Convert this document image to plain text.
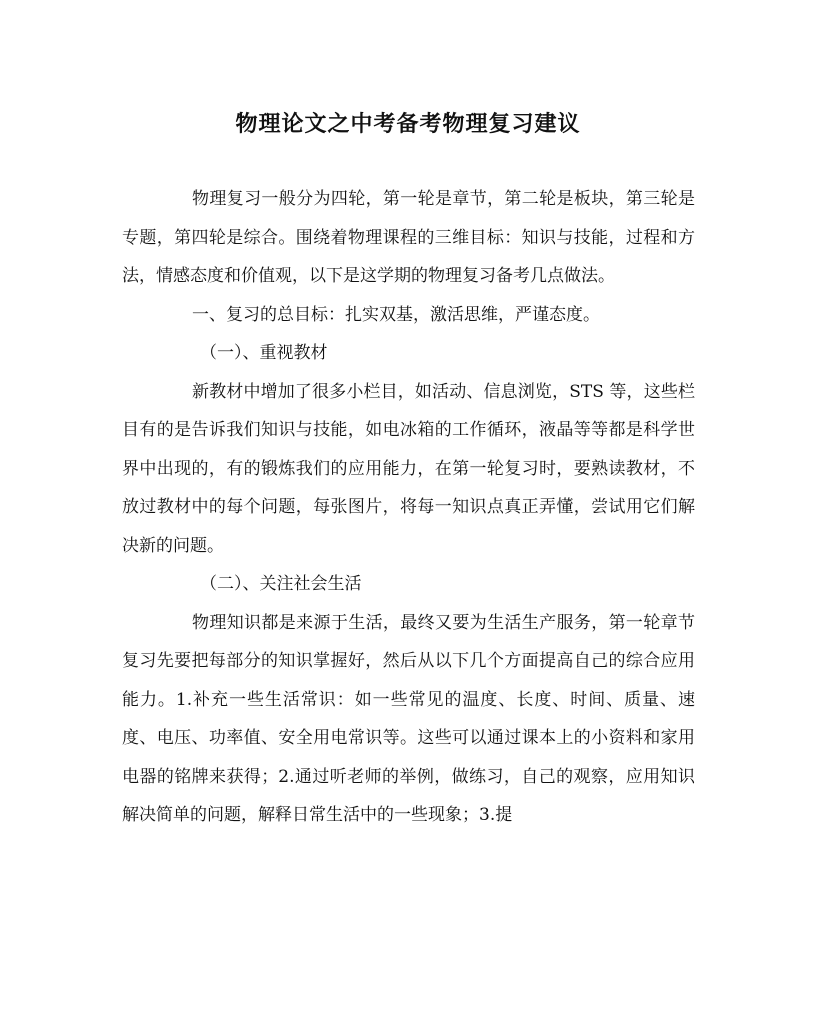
物理论文之中考备考物理复习建议

物理复习一般分为四轮，第一轮是章节，第二轮是板块，第三轮是专题，第四轮是综合。围绕着物理课程的三维目标：知识与技能，过程和方法，情感态度和价值观，以下是这学期的物理复习备考几点做法。

一、复习的总目标：扎实双基，激活思维，严谨态度。

（一）、重视教材

新教材中增加了很多小栏目，如活动、信息浏览，STS 等，这些栏目有的是告诉我们知识与技能，如电冰箱的工作循环，液晶等等都是科学世界中出现的，有的锻炼我们的应用能力，在第一轮复习时，要熟读教材，不放过教材中的每个问题，每张图片，将每一知识点真正弄懂，尝试用它们解决新的问题。

（二）、关注社会生活

物理知识都是来源于生活，最终又要为生活生产服务，第一轮章节复习先要把每部分的知识掌握好，然后从以下几个方面提高自己的综合应用能力。1.补充一些生活常识：如一些常见的温度、长度、时间、质量、速度、电压、功率值、安全用电常识等。这些可以通过课本上的小资料和家用电器的铭牌来获得；2.通过听老师的举例，做练习，自己的观察，应用知识解决简单的问题，解释日常生活中的一些现象；3.提
